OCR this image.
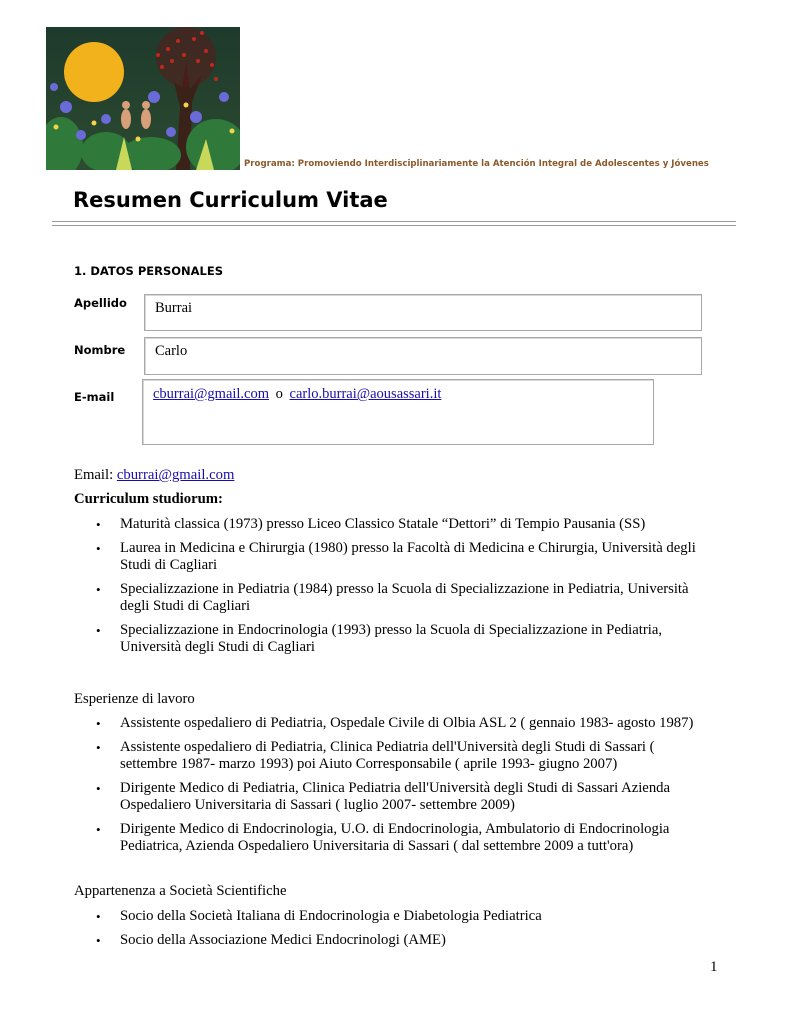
Programa: Promoviendo Interdisciplinariamente la Atención Integral de Adolescentes y Jóvenes
Resumen Curriculum Vitae
1. DATOS PERSONALES
Apellido	Burrai
Nombre	Carlo
E-mail	cburrai@gmail.com o carlo.burrai@aousassari.it
Email: cburrai@gmail.com
Curriculum studiorum:
• Maturità classica (1973) presso Liceo Classico Statale “Dettori” di Tempio Pausania (SS)
• Laurea in Medicina e Chirurgia (1980) presso la Facoltà di Medicina e Chirurgia, Università degli Studi di Cagliari
• Specializzazione in Pediatria (1984) presso la Scuola di Specializzazione in Pediatria, Università degli Studi di Cagliari
• Specializzazione in Endocrinologia (1993) presso la Scuola di Specializzazione in Pediatria, Università degli Studi di Cagliari
Esperienze di lavoro
• Assistente ospedaliero di Pediatria, Ospedale Civile di Olbia ASL 2 ( gennaio 1983- agosto 1987)
• Assistente ospedaliero di Pediatria, Clinica Pediatria dell'Università degli Studi di Sassari ( settembre 1987- marzo 1993) poi Aiuto Corresponsabile ( aprile 1993- giugno 2007)
• Dirigente Medico di Pediatria, Clinica Pediatria dell'Università degli Studi di Sassari Azienda Ospedaliero Universitaria di Sassari ( luglio 2007- settembre 2009)
• Dirigente Medico di Endocrinologia, U.O. di Endocrinologia, Ambulatorio di Endocrinologia Pediatrica, Azienda Ospedaliero Universitaria di Sassari ( dal settembre 2009 a tutt'ora)
Appartenenza a Società Scientifiche
• Socio della Società Italiana di Endocrinologia e Diabetologia Pediatrica
• Socio della Associazione Medici Endocrinologi (AME)
1
